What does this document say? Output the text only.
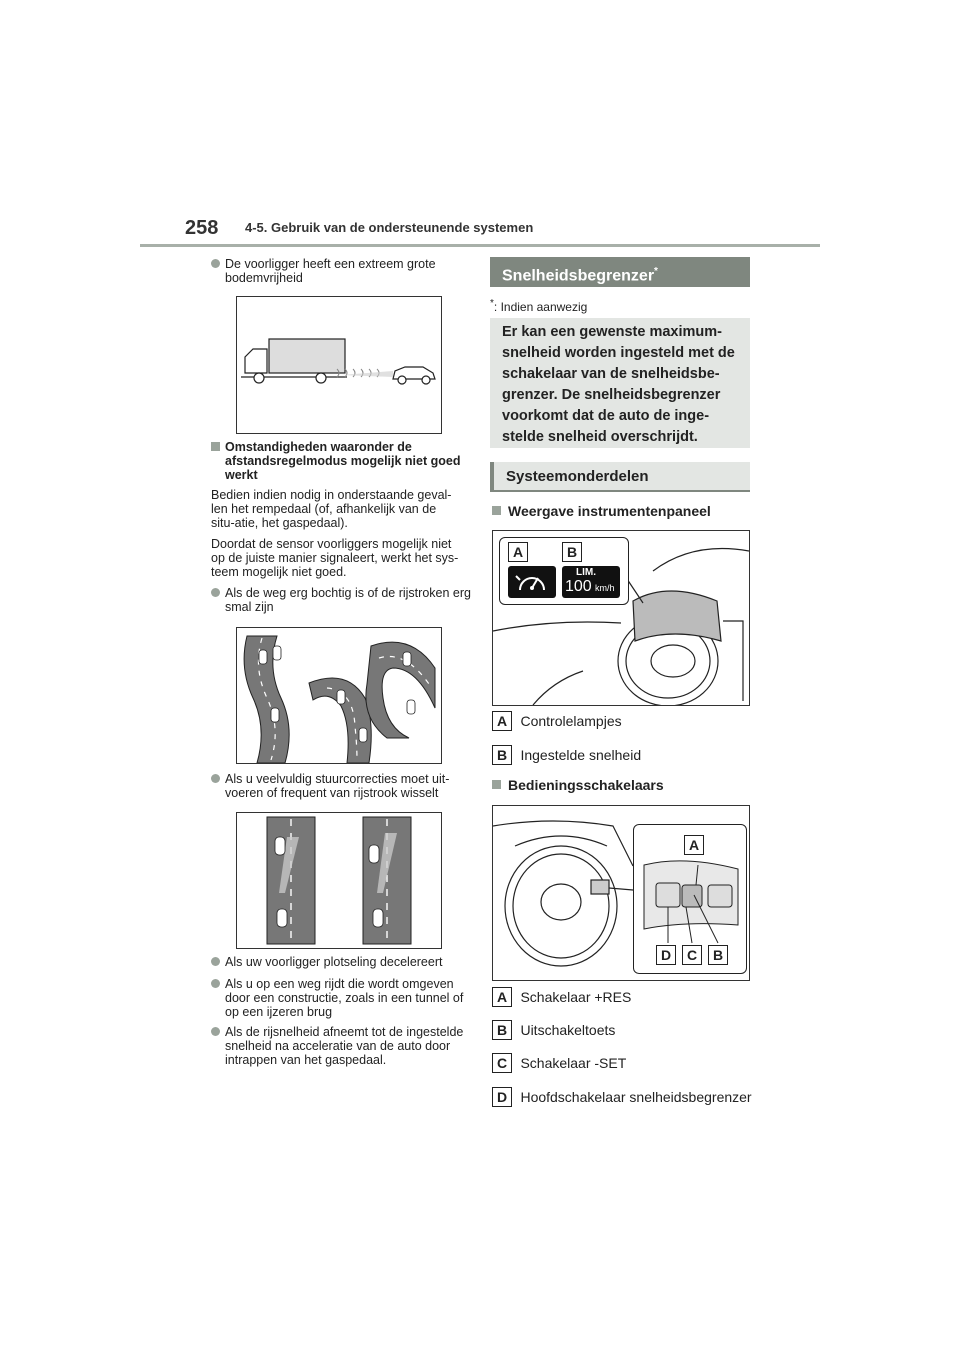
258 4-5. Gebruik van de ondersteunende systemen
De voorligger heeft een extreem grote bodemvrijheid
Omstandigheden waaronder de afstandsregelmodus mogelijk niet goed werkt
Bedien indien nodig in onderstaande geval-len het rempedaal (of, afhankelijk van de situ-atie, het gaspedaal).
Doordat de sensor voorliggers mogelijk niet op de juiste manier signaleert, werkt het sys-teem mogelijk niet goed.
Als de weg erg bochtig is of de rijstroken erg smal zijn
Als u veelvuldig stuurcorrecties moet uit-voeren of frequent van rijstrook wisselt
Als uw voorligger plotseling decelereert
Als u op een weg rijdt die wordt omgeven door een constructie, zoals in een tunnel of op een ijzeren brug
Als de rijsnelheid afneemt tot de ingestelde snelheid na acceleratie van de auto door intrappen van het gaspedaal.
Snelheidsbegrenzer*
*: Indien aanwezig
Er kan een gewenste maximum-snelheid worden ingesteld met de schakelaar van de snelheidsbe-grenzer. De snelheidsbegrenzer voorkomt dat de auto de inge-stelde snelheid overschrijdt.
Systeemonderdelen
Weergave instrumentenpaneel
A	B
LIM.
100 km/h
A Controlelampjes
B Ingestelde snelheid
Bedieningsschakelaars
A
D	C	B
A Schakelaar +RES
B Uitschakeltoets
C Schakelaar -SET
D Hoofdschakelaar snelheidsbegrenzer
